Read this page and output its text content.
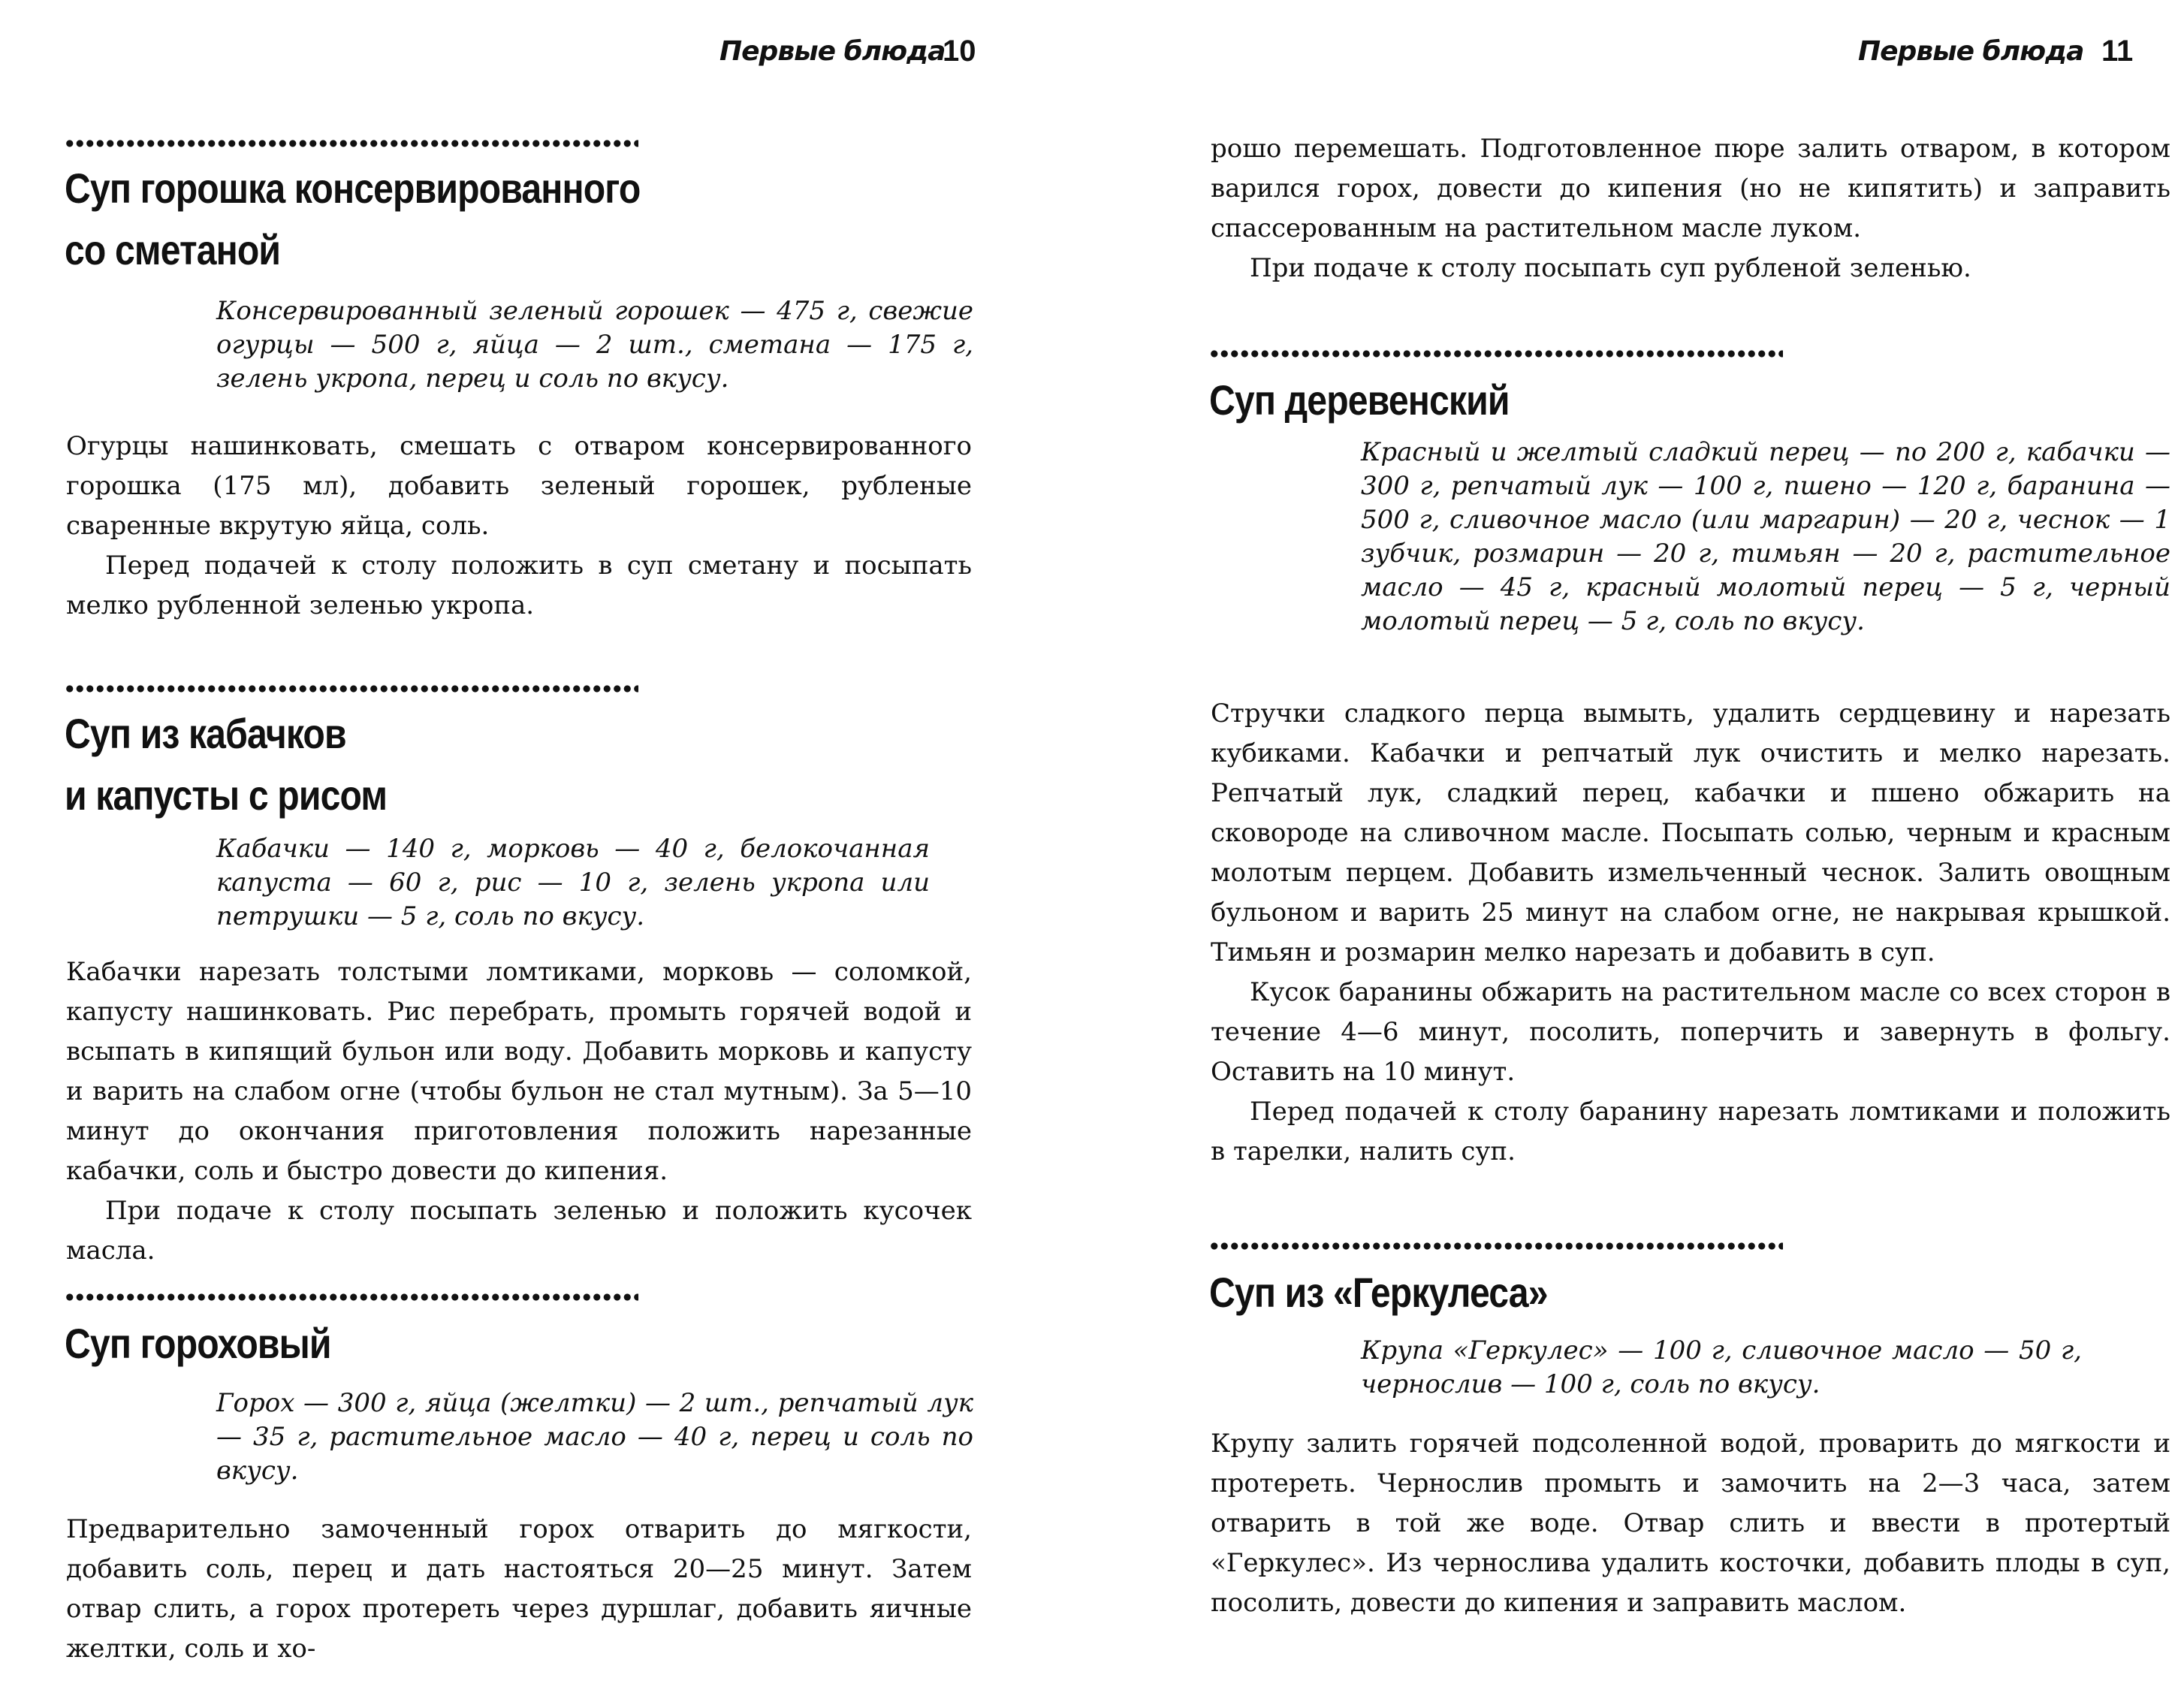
Первые блюда
10
Суп горошка консервированного
со сметаной

Консервированный зеленый горошек — 475 г, свежие огурцы — 500 г, яйца — 2 шт., сметана — 175 г, зелень укропа, перец и соль по вкусу.

Огурцы нашинковать, смешать с отваром консервированного горошка (175 мл), добавить зеленый горошек, рубленые сваренные вкрутую яйца, соль.

Перед подачей к столу положить в суп сметану и посыпать мелко рубленной зеленью укропа.

Суп из кабачков
и капусты с рисом

Кабачки — 140 г, морковь — 40 г, белокочанная капуста — 60 г, рис — 10 г, зелень укропа или петрушки — 5 г, соль по вкусу.

Кабачки нарезать толстыми ломтиками, морковь — соломкой, капусту нашинковать. Рис перебрать, промыть горячей водой и всыпать в кипящий бульон или воду. Добавить морковь и капусту и варить на слабом огне (чтобы бульон не стал мутным). За 5—10 минут до окончания приготовления положить нарезанные кабачки, соль и быстро довести до кипения.

При подаче к столу посыпать зеленью и положить кусочек масла.

Суп гороховый

Горох — 300 г, яйца (желтки) — 2 шт., репчатый лук — 35 г, растительное масло — 40 г, перец и соль по вкусу.

Предварительно замоченный горох отварить до мягкости, добавить соль, перец и дать настояться 20—25 минут. Затем отвар слить, а горох протереть через дуршлаг, добавить яичные желтки, соль и хо-

Первые блюда 11

рошо перемешать. Подготовленное пюре залить отваром, в котором варился горох, довести до кипения (но не кипятить) и заправить спассерованным на растительном масле луком.

При подаче к столу посыпать суп рубленой зеленью.

Суп деревенский

Красный и желтый сладкий перец — по 200 г, кабачки — 300 г, репчатый лук — 100 г, пшено — 120 г, баранина — 500 г, сливочное масло (или маргарин) — 20 г, чеснок — 1 зубчик, розмарин — 20 г, тимьян — 20 г, растительное масло — 45 г, красный молотый перец — 5 г, черный молотый перец — 5 г, соль по вкусу.

Стручки сладкого перца вымыть, удалить сердцевину и нарезать кубиками. Кабачки и репчатый лук очистить и мелко нарезать. Репчатый лук, сладкий перец, кабачки и пшено обжарить на сковороде на сливочном масле. Посыпать солью, черным и красным молотым перцем. Добавить измельченный чеснок. Залить овощным бульоном и варить 25 минут на слабом огне, не накрывая крышкой. Тимьян и розмарин мелко нарезать и добавить в суп.

Кусок баранины обжарить на растительном масле со всех сторон в течение 4—6 минут, посолить, поперчить и завернуть в фольгу. Оставить на 10 минут.

Перед подачей к столу баранину нарезать ломтиками и положить в тарелки, налить суп.

Суп из «Геркулеса»

Крупа «Геркулес» — 100 г, сливочное масло — 50 г, чернослив — 100 г, соль по вкусу.

Крупу залить горячей подсоленной водой, проварить до мягкости и протереть. Чернослив промыть и замочить на 2—3 часа, затем отварить в той же воде. Отвар слить и ввести в протертый «Геркулес». Из чернослива удалить косточки, добавить плоды в суп, посолить, довести до кипения и заправить маслом.
